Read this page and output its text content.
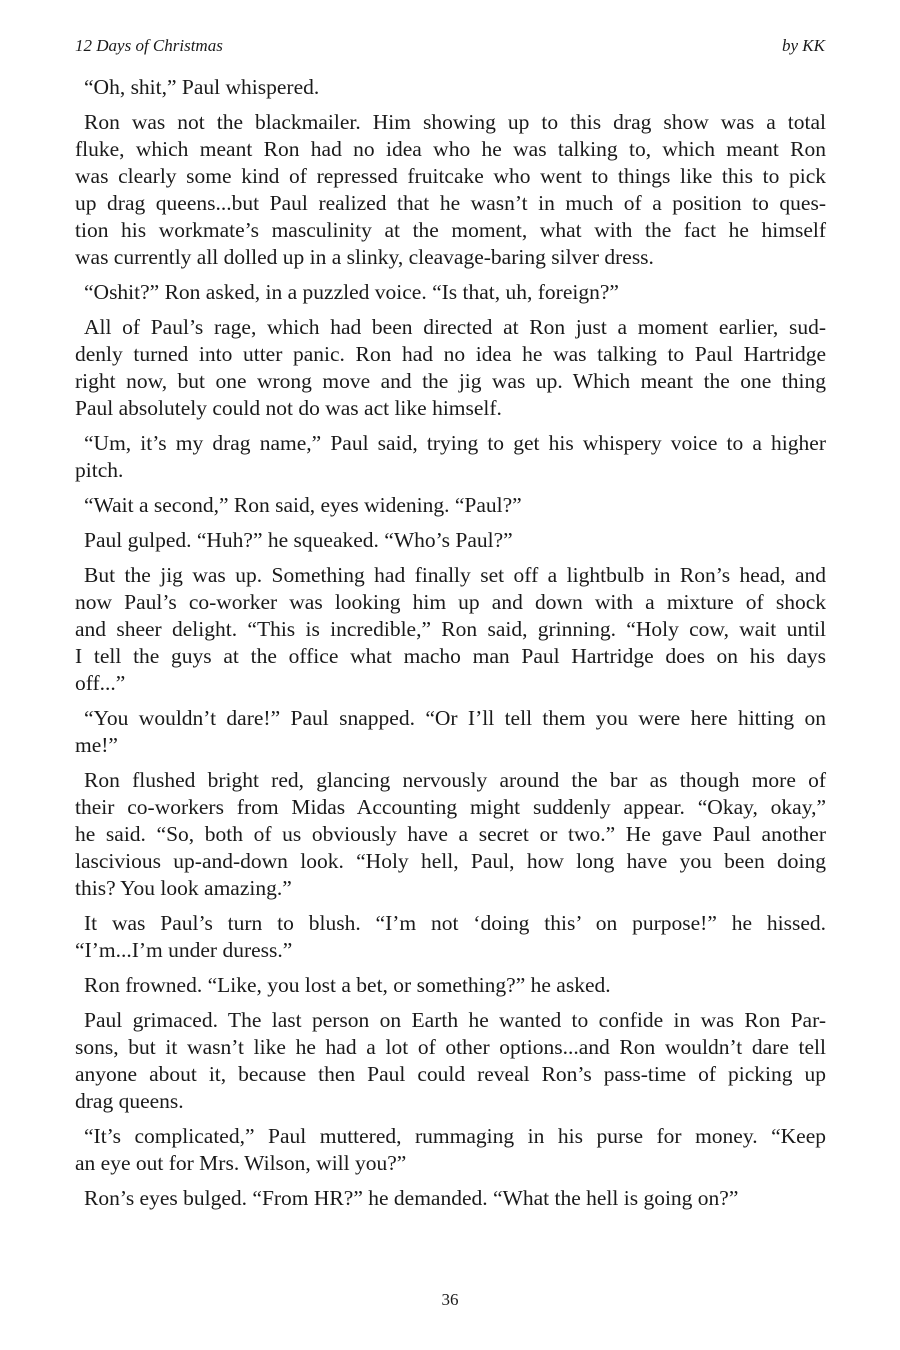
12 Days of Christmas	by KK
“Oh, shit,” Paul whispered.
Ron was not the blackmailer. Him showing up to this drag show was a total
fluke, which meant Ron had no idea who he was talking to, which meant Ron
was clearly some kind of repressed fruitcake who went to things like this to pick
up drag queens...but Paul realized that he wasn’t in much of a position to ques-
tion his workmate’s masculinity at the moment, what with the fact he himself
was currently all dolled up in a slinky, cleavage-baring silver dress.
“Oshit?” Ron asked, in a puzzled voice. “Is that, uh, foreign?”
All of Paul’s rage, which had been directed at Ron just a moment earlier, sud-
denly turned into utter panic. Ron had no idea he was talking to Paul Hartridge
right now, but one wrong move and the jig was up. Which meant the one thing
Paul absolutely could not do was act like himself.
“Um, it’s my drag name,” Paul said, trying to get his whispery voice to a higher
pitch.
“Wait a second,” Ron said, eyes widening. “Paul?”
Paul gulped. “Huh?” he squeaked. “Who’s Paul?”
But the jig was up. Something had finally set off a lightbulb in Ron’s head, and
now Paul’s co-worker was looking him up and down with a mixture of shock
and sheer delight. “This is incredible,” Ron said, grinning. “Holy cow, wait until
I tell the guys at the office what macho man Paul Hartridge does on his days
off...”
“You wouldn’t dare!” Paul snapped. “Or I’ll tell them you were here hitting on
me!”
Ron flushed bright red, glancing nervously around the bar as though more of
their co-workers from Midas Accounting might suddenly appear. “Okay, okay,”
he said. “So, both of us obviously have a secret or two.” He gave Paul another
lascivious up-and-down look. “Holy hell, Paul, how long have you been doing
this? You look amazing.”
It was Paul’s turn to blush. “I’m not ‘doing this’ on purpose!” he hissed.
“I’m...I’m under duress.”
Ron frowned. “Like, you lost a bet, or something?” he asked.
Paul grimaced. The last person on Earth he wanted to confide in was Ron Par-
sons, but it wasn’t like he had a lot of other options...and Ron wouldn’t dare tell
anyone about it, because then Paul could reveal Ron’s pass-time of picking up
drag queens.
“It’s complicated,” Paul muttered, rummaging in his purse for money. “Keep
an eye out for Mrs. Wilson, will you?”
Ron’s eyes bulged. “From HR?” he demanded. “What the hell is going on?”
36
